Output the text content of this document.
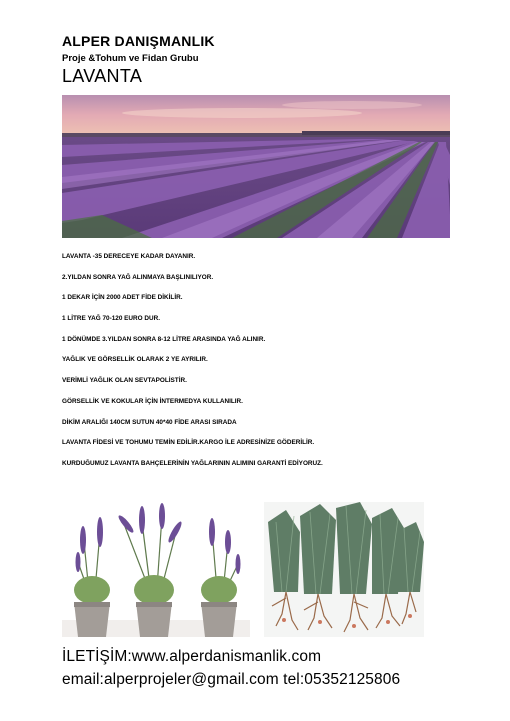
ALPER DANIŞMANLIK
Proje &Tohum ve Fidan Grubu
LAVANTA
LAVANTA -35 DERECEYE KADAR DAYANIR.
2.YILDAN SONRA YAĞ ALINMAYA BAŞLINILIYOR.
1 DEKAR İÇİN 2000 ADET FİDE DİKİLİR.
1 LİTRE YAĞ 70-120 EURO DUR.
1 DÖNÜMDE 3.YILDAN SONRA 8-12 LİTRE ARASINDA YAĞ ALINIR.
YAĞLIK VE GÖRSELLİK OLARAK 2 YE AYRILIR.
VERİMLİ YAĞLIK OLAN SEVTAPOLİSTİR.
GÖRSELLİK VE KOKULAR İÇİN İNTERMEDYA KULLANILIR.
DİKİM ARALIĞI 140CM SUTUN 40*40 FİDE ARASI SIRADA
LAVANTA FİDESİ VE TOHUMU TEMİN EDİLİR.KARGO İLE ADRESİNİZE GÖDERİLİR.
KURDUĞUMUZ LAVANTA BAHÇELERİNİN YAĞLARININ ALIMINI GARANTİ EDİYORUZ.
İLETİŞİM:www.alperdanismanlik.com
email:alperprojeler@gmail.com tel:05352125806
